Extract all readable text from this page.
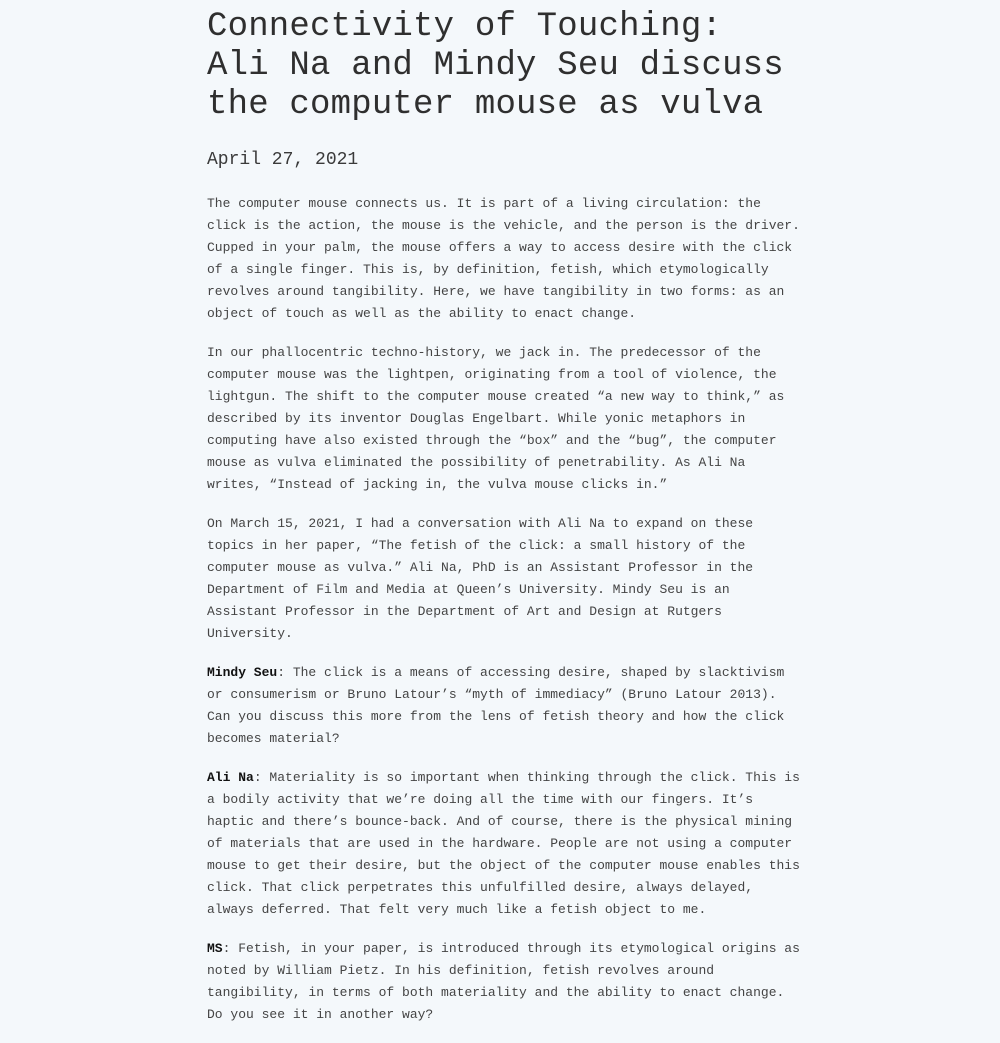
Connectivity of Touching:
Ali Na and Mindy Seu discuss
the computer mouse as vulva
April 27, 2021

The computer mouse connects us. It is part of a living circulation: the click is the action, the mouse is the vehicle, and the person is the driver. Cupped in your palm, the mouse offers a way to access desire with the click of a single finger. This is, by definition, fetish, which etymologically revolves around tangibility. Here, we have tangibility in two forms: as an object of touch as well as the ability to enact change.

In our phallocentric techno-history, we jack in. The predecessor of the computer mouse was the lightpen, originating from a tool of violence, the lightgun. The shift to the computer mouse created “a new way to think,” as described by its inventor Douglas Engelbart. While yonic metaphors in computing have also existed through the “box” and the “bug”, the computer mouse as vulva eliminated the possibility of penetrability. As Ali Na writes, “Instead of jacking in, the vulva mouse clicks in.”

On March 15, 2021, I had a conversation with Ali Na to expand on these topics in her paper, “The fetish of the click: a small history of the computer mouse as vulva.” Ali Na, PhD is an Assistant Professor in the Department of Film and Media at Queen’s University. Mindy Seu is an Assistant Professor in the Department of Art and Design at Rutgers University.

Mindy Seu: The click is a means of accessing desire, shaped by slacktivism or consumerism or Bruno Latour’s “myth of immediacy” (Bruno Latour 2013). Can you discuss this more from the lens of fetish theory and how the click becomes material?

Ali Na: Materiality is so important when thinking through the click. This is a bodily activity that we’re doing all the time with our fingers. It’s haptic and there’s bounce-back. And of course, there is the physical mining of materials that are used in the hardware. People are not using a computer mouse to get their desire, but the object of the computer mouse enables this click. That click perpetrates this unfulfilled desire, always delayed, always deferred. That felt very much like a fetish object to me.

MS: Fetish, in your paper, is introduced through its etymological origins as noted by William Pietz. In his definition, fetish revolves around tangibility, in terms of both materiality and the ability to enact change. Do you see it in another way?
